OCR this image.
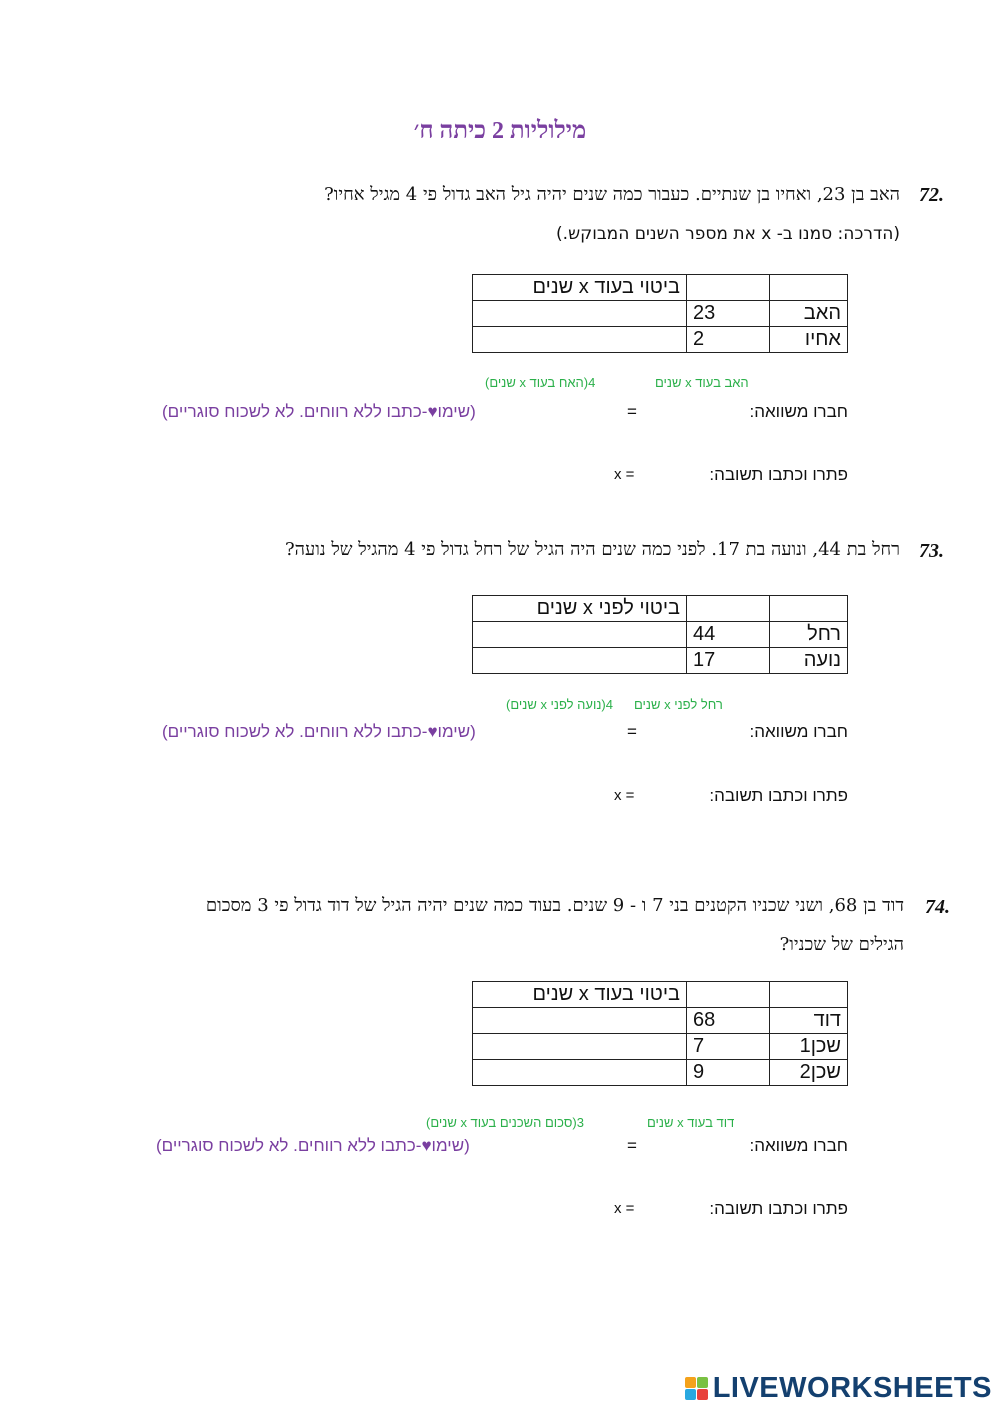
מילוליות 2 כיתה ח׳
72.
האב בן 23, ואחיו בן שנתיים. כעבור כמה שנים יהיה גיל האב גדול פי 4 מגיל אחיו?
(הדרכה: סמנו ב- x את מספר השנים המבוקש.)
		ביטוי בעוד x שנים
האב	23	
אחיו	2	
4(האח בעוד x שנים)	האב בעוד x שנים
(שימו♥-כתבו ללא רווחים. לא לשכוח סוגריים)	=	חברו משוואה:
x =	פתרו וכתבו תשובה:
73.
רחל בת 44, ונועה בת 17. לפני כמה שנים היה הגיל של רחל גדול פי 4 מהגיל של נועה?
		ביטוי לפני x שנים
רחל	44	
נועה	17	
4(נועה לפני x שנים) רחל לפני x שנים
(שימו♥-כתבו ללא רווחים. לא לשכוח סוגריים)	=	חברו משוואה:
x =	פתרו וכתבו תשובה:
74.
דוד בן 68, ושני שכניו הקטנים בני 7 ו - 9 שנים. בעוד כמה שנים יהיה הגיל של דוד גדול פי 3 מסכום
הגילים של שכניו?
		ביטוי בעוד x שנים
דוד	68	
שכן1	7	
שכן2	9	
3(סכום השכנים בעוד x שנים)	דוד בעוד x שנים
(שימו♥-כתבו ללא רווחים. לא לשכוח סוגריים)	=	חברו משוואה:
x =	פתרו וכתבו תשובה:
LIVEWORKSHEETS
